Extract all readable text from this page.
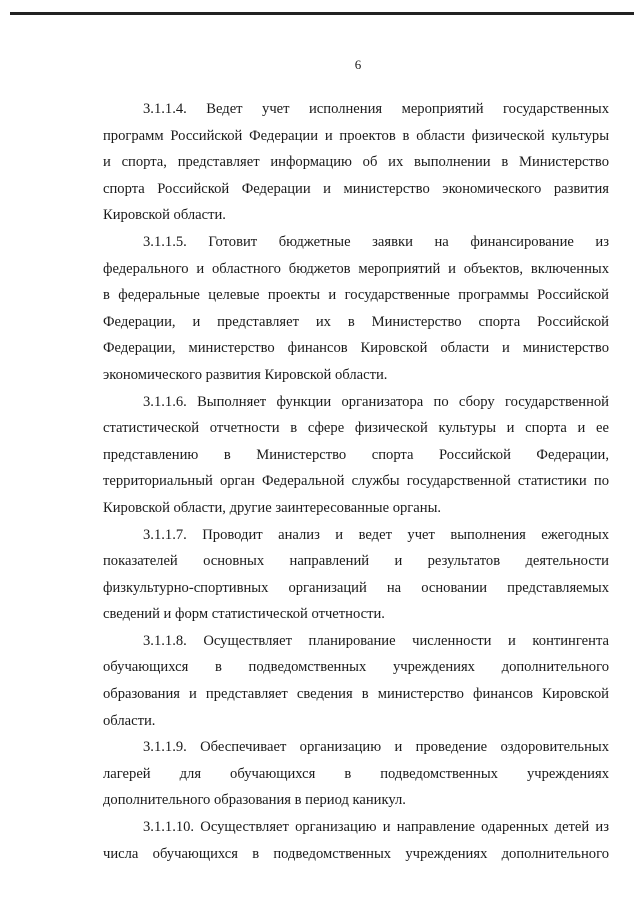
6
3.1.1.4. Ведет учет исполнения мероприятий государственных
программ Российской Федерации и проектов в области физической культуры
и спорта, представляет информацию об их выполнении в Министерство
спорта Российской Федерации и министерство экономического развития
Кировской области.
3.1.1.5. Готовит бюджетные заявки на финансирование из
федерального и областного бюджетов мероприятий и объектов, включенных
в федеральные целевые проекты и государственные программы Российской
Федерации, и представляет их в Министерство спорта Российской
Федерации, министерство финансов Кировской области и министерство
экономического развития Кировской области.
3.1.1.6. Выполняет функции организатора по сбору государственной
статистической отчетности в сфере физической культуры и спорта и ее
представлению в Министерство спорта Российской Федерации,
территориальный орган Федеральной службы государственной статистики по
Кировской области, другие заинтересованные органы.
3.1.1.7. Проводит анализ и ведет учет выполнения ежегодных
показателей основных направлений и результатов деятельности
физкультурно-спортивных организаций на основании представляемых
сведений и форм статистической отчетности.
3.1.1.8. Осуществляет планирование численности и контингента
обучающихся в подведомственных учреждениях дополнительного
образования и представляет сведения в министерство финансов Кировской
области.
3.1.1.9. Обеспечивает организацию и проведение оздоровительных
лагерей для обучающихся в подведомственных учреждениях
дополнительного образования в период каникул.
3.1.1.10. Осуществляет организацию и направление одаренных детей из
числа обучающихся в подведомственных учреждениях дополнительного
